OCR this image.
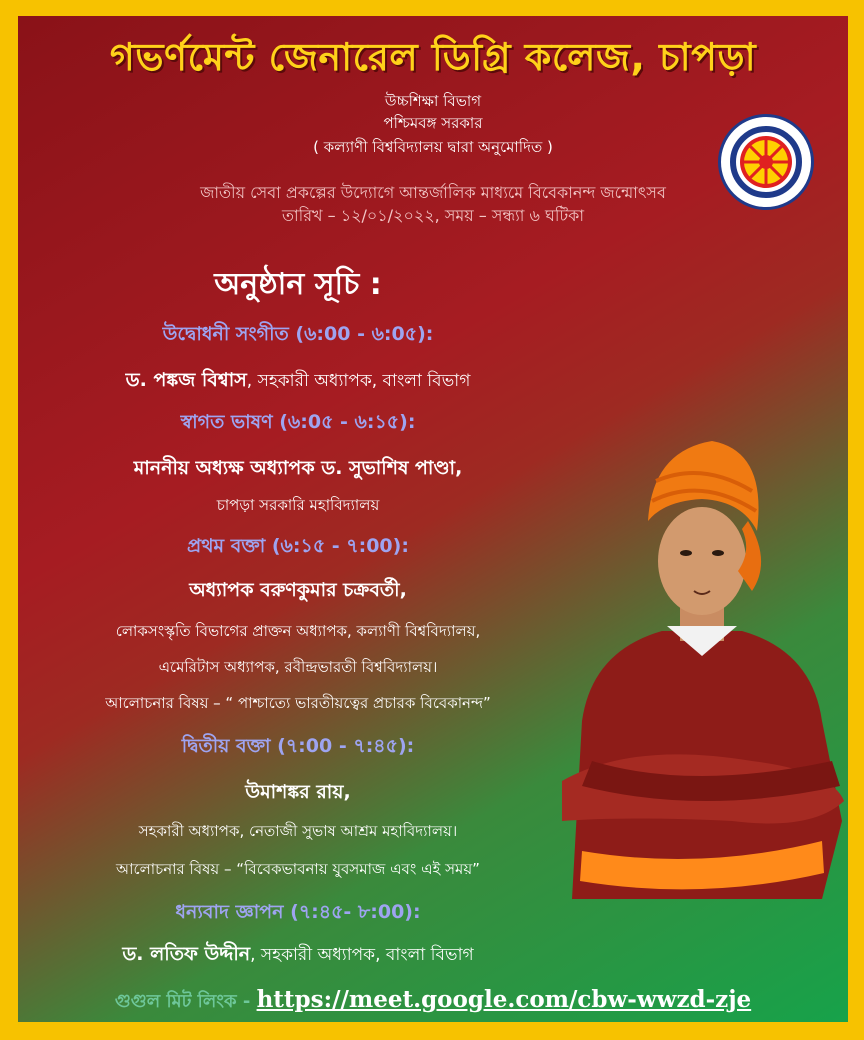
গভর্ণমেন্ট জেনারেল ডিগ্রি কলেজ, চাপড়া
উচ্চশিক্ষা বিভাগ
পশ্চিমবঙ্গ সরকার
( কল্যাণী বিশ্ববিদ্যালয় দ্বারা অনুমোদিত )
জাতীয় সেবা প্রকল্পের উদ্যোগে আন্তর্জালিক মাধ্যমে বিবেকানন্দ জন্মোৎসব
তারিখ – ১২/০১/২০২২, সময় – সন্ধ্যা ৬ ঘটিকা
অনুষ্ঠান সূচি :
উদ্বোধনী সংগীত (৬:00 - ৬:0৫):
ড. পঙ্কজ বিশ্বাস, সহকারী অধ্যাপক, বাংলা বিভাগ
স্বাগত ভাষণ (৬:0৫ - ৬:১৫):
মাননীয় অধ্যক্ষ অধ্যাপক ড. সুভাশিষ পাণ্ডা,
চাপড়া সরকারি মহাবিদ্যালয়
প্রথম বক্তা (৬:১৫ - ৭:00):
অধ্যাপক বরুণকুমার চক্রবর্তী,
লোকসংস্কৃতি বিভাগের প্রাক্তন অধ্যাপক, কল্যাণী বিশ্ববিদ্যালয়,
এমেরিটাস অধ্যাপক, রবীন্দ্রভারতী বিশ্ববিদ্যালয়।
আলোচনার বিষয় – “ পাশ্চাত্যে ভারতীয়ত্বের প্রচারক বিবেকানন্দ”
দ্বিতীয় বক্তা (৭:00 - ৭:৪৫):
উমাশঙ্কর রায়,
সহকারী অধ্যাপক, নেতাজী সুভাষ আশ্রম মহাবিদ্যালয়।
আলোচনার বিষয় – “বিবেকভাবনায় যুবসমাজ এবং এই সময়”
ধন্যবাদ জ্ঞাপন (৭:৪৫- ৮:00):
ড. লতিফ উদ্দীন, সহকারী অধ্যাপক, বাংলা বিভাগ
গুগুল মিট লিংক - https://meet.google.com/cbw-wwzd-zje
